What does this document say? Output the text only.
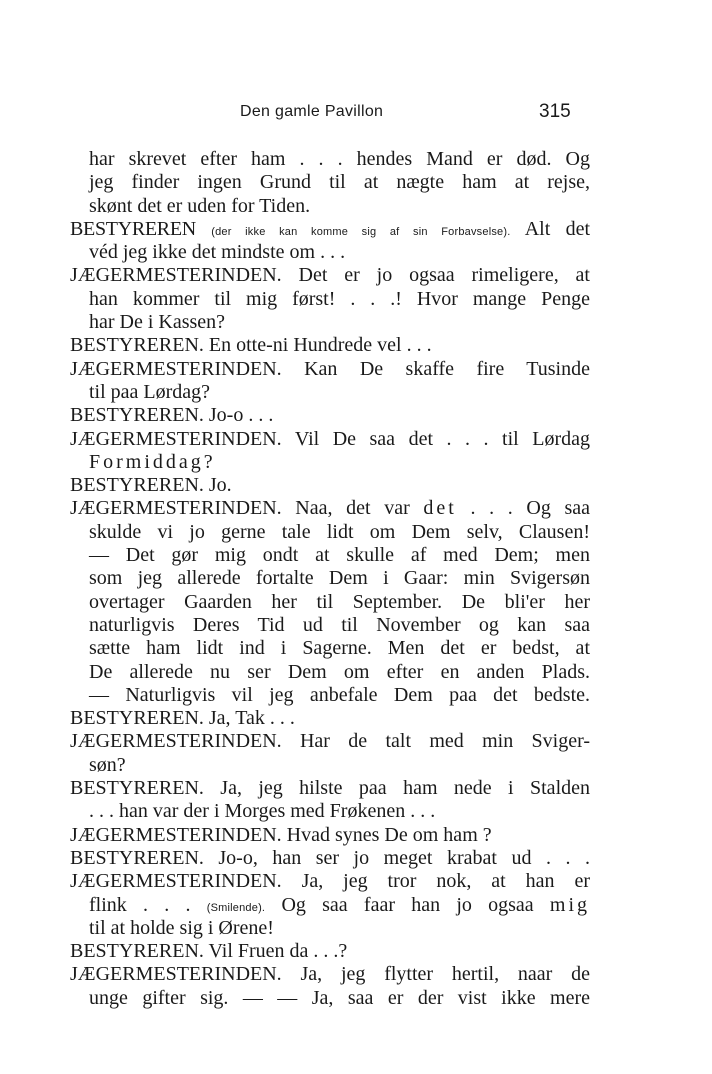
Den gamle Pavillon	315
har skrevet efter ham . . . hendes Mand er død. Og
jeg finder ingen Grund til at nægte ham at rejse,
skønt det er uden for Tiden.
BESTYREREN (der ikke kan komme sig af sin Forbavselse). Alt det
véd jeg ikke det mindste om . . .
JÆGERMESTERINDEN. Det er jo ogsaa rimeligere, at
han kommer til mig først! . . .! Hvor mange Penge
har De i Kassen?
BESTYREREN. En otte-ni Hundrede vel . . .
JÆGERMESTERINDEN. Kan De skaffe fire Tusinde
til paa Lørdag?
BESTYREREN. Jo-o . . .
JÆGERMESTERINDEN. Vil De saa det . . . til Lørdag
Formiddag?
BESTYREREN. Jo.
JÆGERMESTERINDEN. Naa, det var det . . . Og saa
skulde vi jo gerne tale lidt om Dem selv, Clausen!
— Det gør mig ondt at skulle af med Dem; men
som jeg allerede fortalte Dem i Gaar: min Svigersøn
overtager Gaarden her til September. De bli'er her
naturligvis Deres Tid ud til November og kan saa
sætte ham lidt ind i Sagerne. Men det er bedst, at
De allerede nu ser Dem om efter en anden Plads.
— Naturligvis vil jeg anbefale Dem paa det bedste.
BESTYREREN. Ja, Tak . . .
JÆGERMESTERINDEN. Har de talt med min Sviger-
søn?
BESTYREREN. Ja, jeg hilste paa ham nede i Stalden
. . . han var der i Morges med Frøkenen . . .
JÆGERMESTERINDEN. Hvad synes De om ham ?
BESTYREREN. Jo-o, han ser jo meget krabat ud . . .
JÆGERMESTERINDEN. Ja, jeg tror nok, at han er
flink . . . (Smilende). Og saa faar han jo ogsaa mig
til at holde sig i Ørene!
BESTYREREN. Vil Fruen da . . .?
JÆGERMESTERINDEN. Ja, jeg flytter hertil, naar de
unge gifter sig. — — Ja, saa er der vist ikke mere
